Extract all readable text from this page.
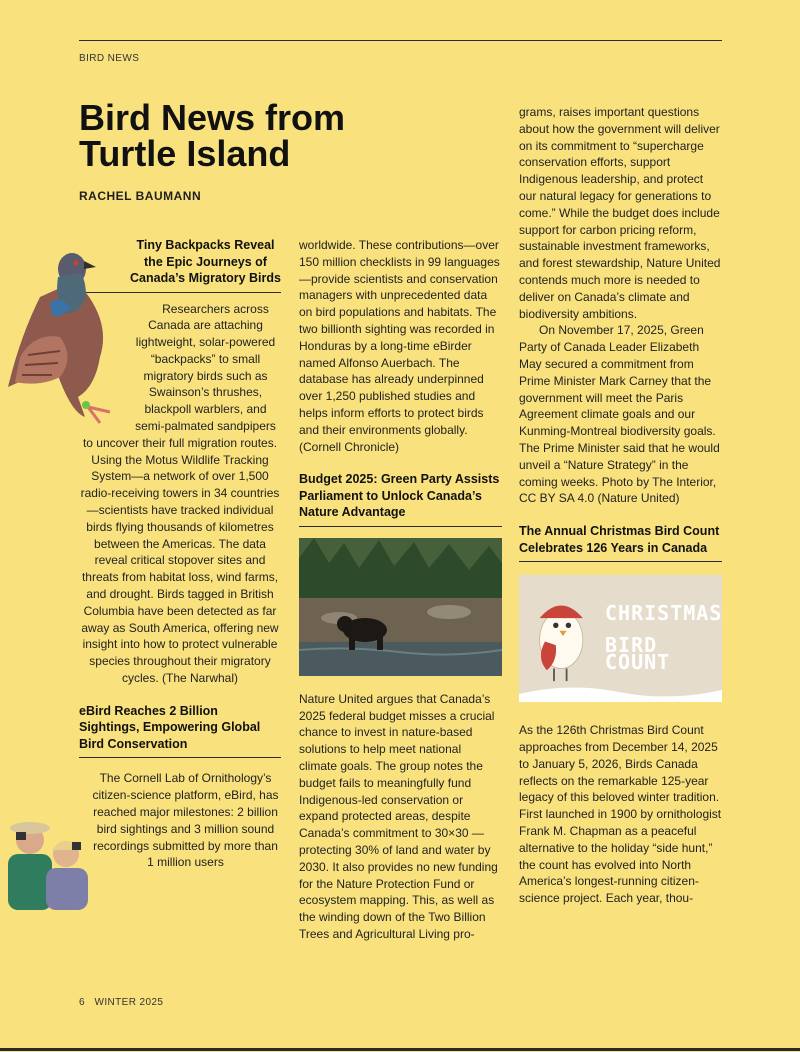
BIRD NEWS
Bird News from Turtle Island
RACHEL BAUMANN
Tiny Backpacks Reveal the Epic Journeys of Canada’s Migratory Birds

Researchers across Canada are attaching lightweight, solar-powered “backpacks” to small migratory birds such as Swainson’s thrushes, blackpoll warblers, and semi-palmated sandpipers to uncover their full migration routes. Using the Motus Wildlife Tracking System—a network of over 1,500 radio-receiving towers in 34 countries—scientists have tracked individual birds flying thousands of kilometres between the Americas. The data reveal critical stopover sites and threats from habitat loss, wind farms, and drought. Birds tagged in British Columbia have been detected as far away as South America, offering new insight into how to protect vulnerable species throughout their migratory cycles. (The Narwhal)

eBird Reaches 2 Billion Sightings, Empowering Global Bird Conservation

The Cornell Lab of Ornithology’s citizen-science platform, eBird, has reached major milestones: 2 billion bird sightings and 3 million sound recordings submitted by more than 1 million users

worldwide. These contributions—over 150 million checklists in 99 languages—provide scientists and conservation managers with unprecedented data on bird populations and habitats. The two billionth sighting was recorded in Honduras by a long-time eBirder named Alfonso Auerbach. The database has already underpinned over 1,250 published studies and helps inform efforts to protect birds and their environments globally. (Cornell Chronicle)

Budget 2025: Green Party Assists Parliament to Unlock Canada’s Nature Advantage

Nature United argues that Canada’s 2025 federal budget misses a crucial chance to invest in nature-based solutions to help meet national climate goals. The group notes the budget fails to meaningfully fund Indigenous-led conservation or expand protected areas, despite Canada’s commitment to 30×30 — protecting 30% of land and water by 2030. It also provides no new funding for the Nature Protection Fund or ecosystem mapping. This, as well as the winding down of the Two Billion Trees and Agricultural Living pro-

grams, raises important questions about how the government will deliver on its commitment to “supercharge conservation efforts, support Indigenous leadership, and protect our natural legacy for generations to come.” While the budget does include support for carbon pricing reform, sustainable investment frameworks, and forest stewardship, Nature United contends much more is needed to deliver on Canada’s climate and biodiversity ambitions.

On November 17, 2025, Green Party of Canada Leader Elizabeth May secured a commitment from Prime Minister Mark Carney that the government will meet the Paris Agreement climate goals and our Kunming-Montreal biodiversity goals. The Prime Minister said that he would unveil a “Nature Strategy” in the coming weeks. Photo by The Interior, CC BY SA 4.0 (Nature United)

The Annual Christmas Bird Count Celebrates 126 Years in Canada
CHRISTMAS
BIRD COUNT

As the 126th Christmas Bird Count approaches from December 14, 2025 to January 5, 2026, Birds Canada reflects on the remarkable 125-year legacy of this beloved winter tradition. First launched in 1900 by ornithologist Frank M. Chapman as a peaceful alternative to the holiday “side hunt,” the count has evolved into North America’s longest-running citizen-science project. Each year, thou-

6 WINTER 2025
